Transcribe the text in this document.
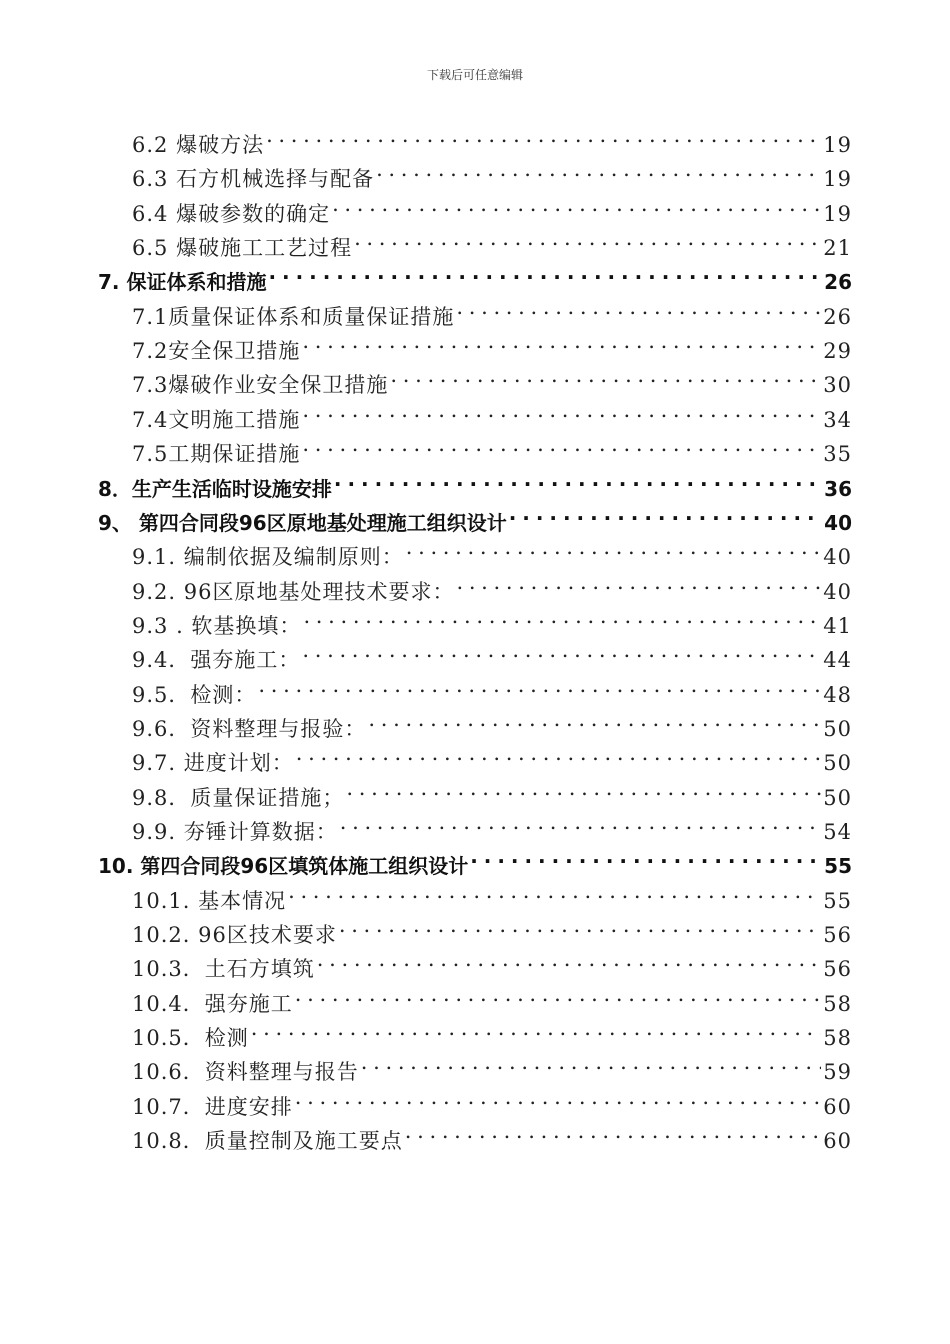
下载后可任意编辑
6.2 爆破方法 . . .	19
6.3 石方机械选择与配备 . . .	19
6.4 爆破参数的确定 . . .	19
6.5 爆破施工工艺过程 . . .	21
7. 保证体系和措施 . . .	26
7.1质量保证体系和质量保证措施 . . .	26
7.2安全保卫措施 . . .	29
7.3爆破作业安全保卫措施 . . .	30
7.4文明施工措施 . . .	34
7.5工期保证措施 . . .	35
8．生产生活临时设施安排 . . .	36
9、 第四合同段96区原地基处理施工组织设计 . . .	40
9.1. 编制依据及编制原则： . . .	40
9.2. 96区原地基处理技术要求： . . .	40
9.3 . 软基换填： . . .	41
9.4．强夯施工： . . .	44
9.5．检测： . . .	48
9.6．资料整理与报验： . . .	50
9.7. 进度计划： . . .	50
9.8．质量保证措施； . . .	50
9.9. 夯锤计算数据： . . .	54
10. 第四合同段96区填筑体施工组织设计 . . .	55
10.1. 基本情况 . . .	55
10.2. 96区技术要求 . . .	56
10.3．土石方填筑 . . .	56
10.4．强夯施工 . . .	58
10.5．检测 . . .	58
10.6．资料整理与报告 . . .	59
10.7．进度安排 . . .	60
10.8．质量控制及施工要点 . . .	60
